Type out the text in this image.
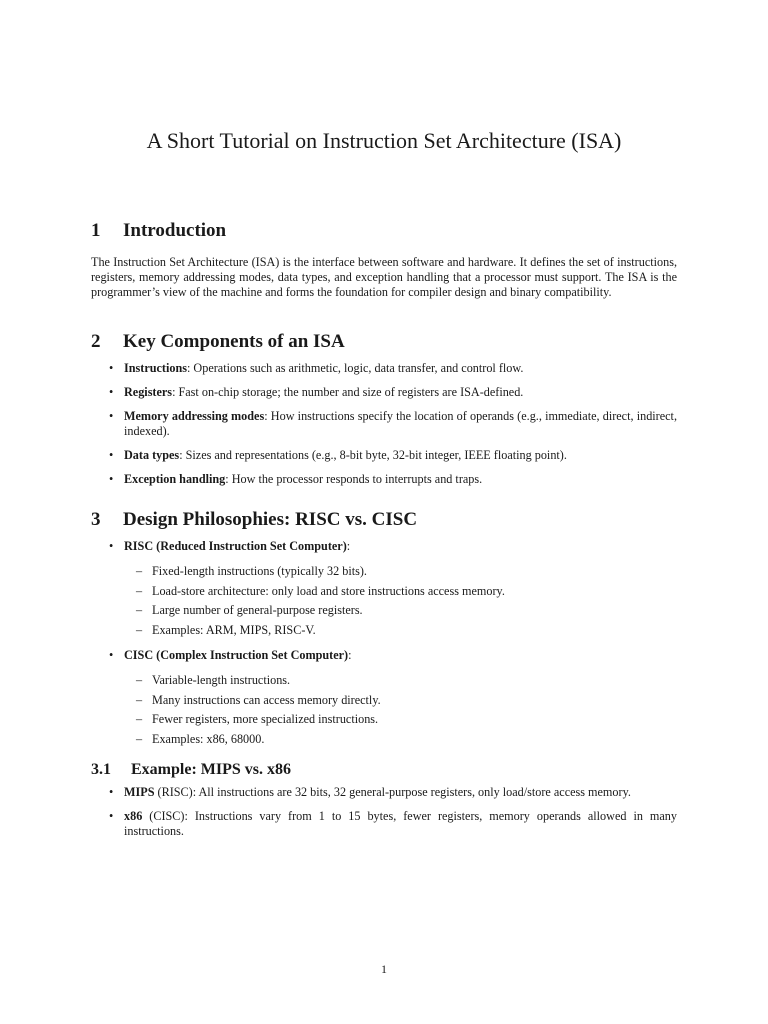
A Short Tutorial on Instruction Set Architecture (ISA)
1	Introduction

The Instruction Set Architecture (ISA) is the interface between software and hardware. It defines the set of instructions, registers, memory addressing modes, data types, and exception handling that a processor must support. The ISA is the programmer’s view of the machine and forms the foundation for compiler design and binary compatibility.

2	Key Components of an ISA
• Instructions: Operations such as arithmetic, logic, data transfer, and control flow.
• Registers: Fast on-chip storage; the number and size of registers are ISA-defined.
• Memory addressing modes: How instructions specify the location of operands (e.g., immediate, direct, indirect, indexed).
• Data types: Sizes and representations (e.g., 8-bit byte, 32-bit integer, IEEE floating point).
• Exception handling: How the processor responds to interrupts and traps.
3	Design Philosophies: RISC vs. CISC
• RISC (Reduced Instruction Set Computer):
– Fixed-length instructions (typically 32 bits).
– Load-store architecture: only load and store instructions access memory.
– Large number of general-purpose registers.
– Examples: ARM, MIPS, RISC-V.
• CISC (Complex Instruction Set Computer):
– Variable-length instructions.
– Many instructions can access memory directly.
– Fewer registers, more specialized instructions.
– Examples: x86, 68000.
3.1	Example: MIPS vs. x86
• MIPS (RISC): All instructions are 32 bits, 32 general-purpose registers, only load/store access memory.
• x86 (CISC): Instructions vary from 1 to 15 bytes, fewer registers, memory operands allowed in many instructions.
1
